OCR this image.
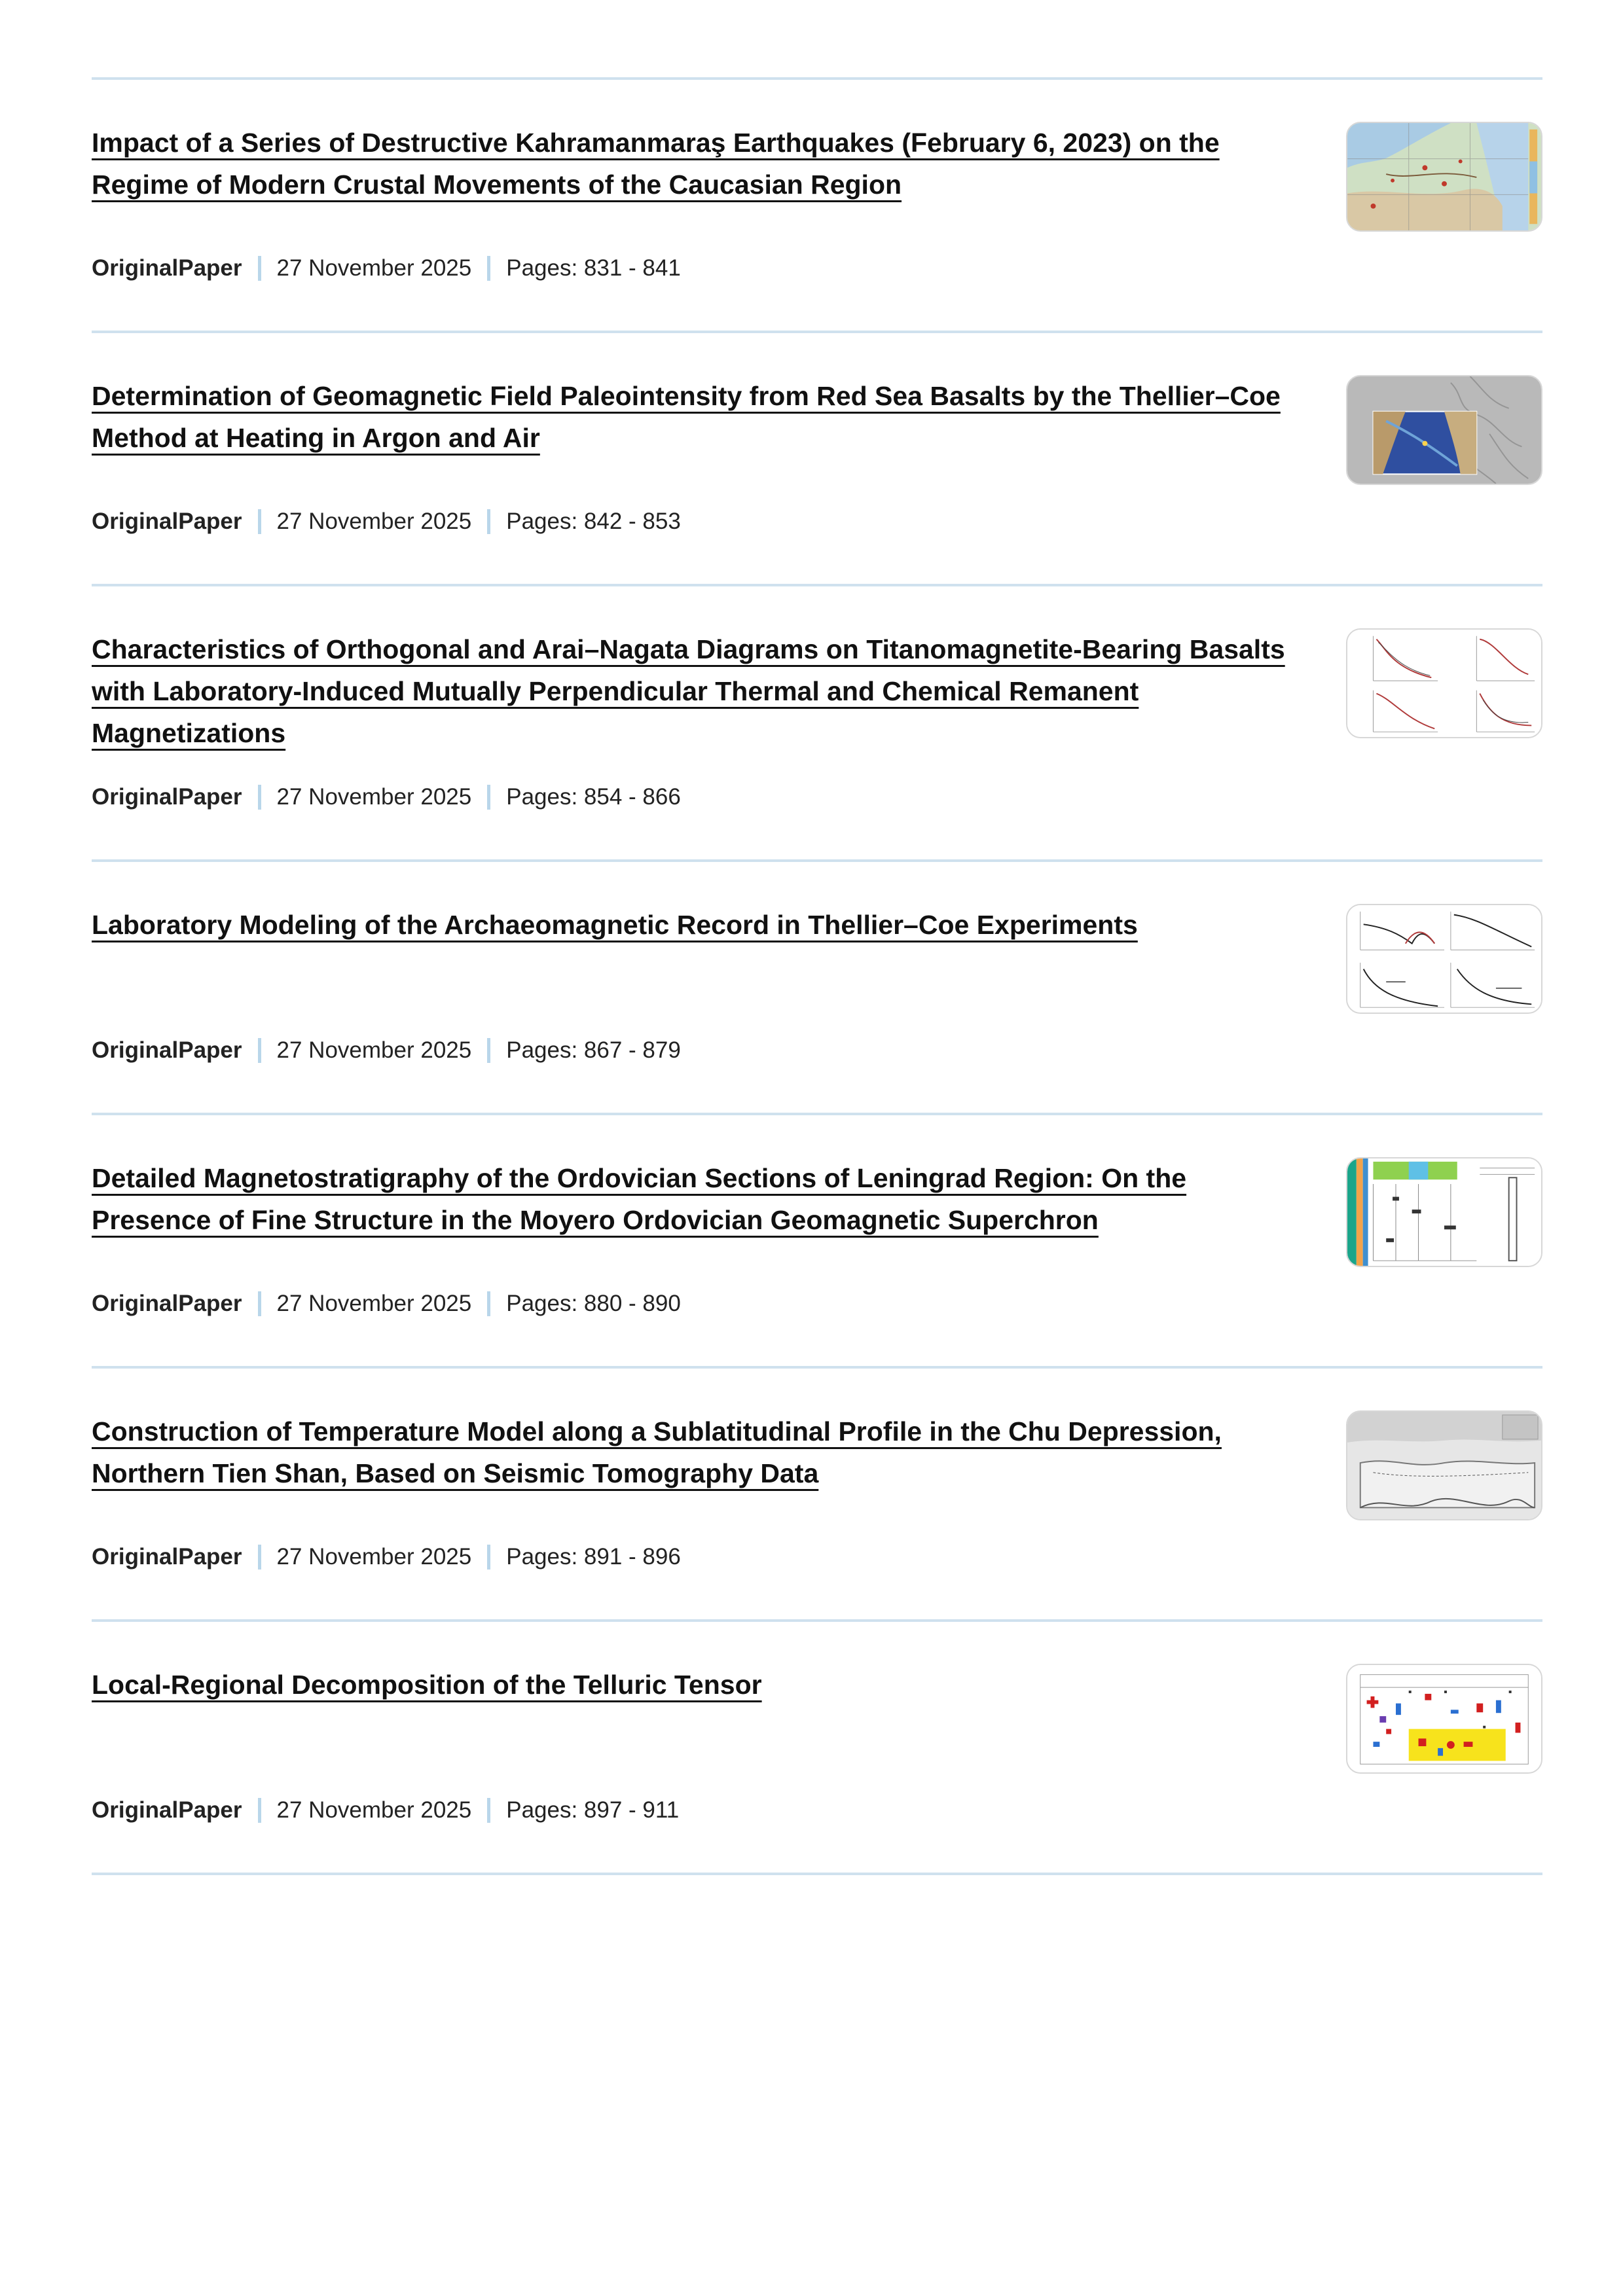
Impact of a Series of Destructive Kahramanmaraş Earthquakes (February 6, 2023) on the Regime of Modern Crustal Movements of the Caucasian Region
OriginalPaper 27 November 2025 Pages: 831 - 841
Determination of Geomagnetic Field Paleointensity from Red Sea Basalts by the Thellier–Coe Method at Heating in Argon and Air
OriginalPaper 27 November 2025 Pages: 842 - 853
Characteristics of Orthogonal and Arai–Nagata Diagrams on Titanomagnetite-Bearing Basalts with Laboratory-Induced Mutually Perpendicular Thermal and Chemical Remanent Magnetizations
OriginalPaper 27 November 2025 Pages: 854 - 866
Laboratory Modeling of the Archaeomagnetic Record in Thellier–Coe Experiments
OriginalPaper 27 November 2025 Pages: 867 - 879
Detailed Magnetostratigraphy of the Ordovician Sections of Leningrad Region: On the Presence of Fine Structure in the Moyero Ordovician Geomagnetic Superchron
OriginalPaper 27 November 2025 Pages: 880 - 890
Construction of Temperature Model along a Sublatitudinal Profile in the Chu Depression, Northern Tien Shan, Based on Seismic Tomography Data
OriginalPaper 27 November 2025 Pages: 891 - 896
Local-Regional Decomposition of the Telluric Tensor
OriginalPaper 27 November 2025 Pages: 897 - 911
